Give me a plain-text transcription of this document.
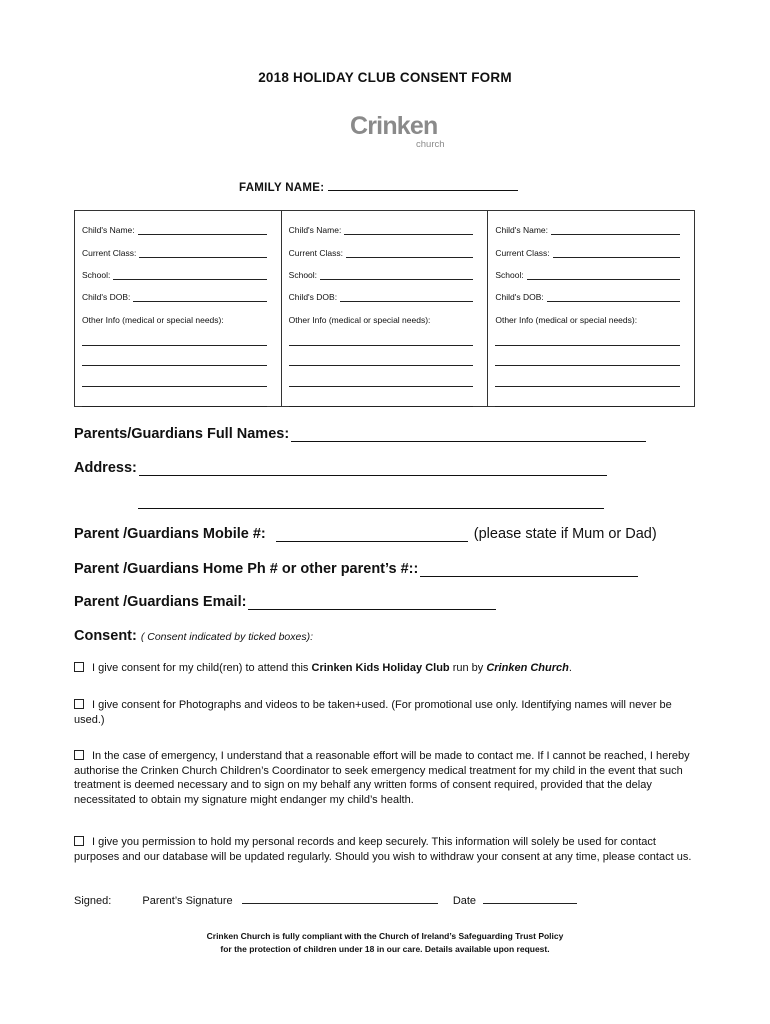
2018 HOLIDAY CLUB CONSENT FORM
Crinken
church
FAMILY NAME:
Child's Name:
Current Class:
School:
Child's DOB:
Other Info (medical or special needs):
Child's Name:
Current Class:
School:
Child's DOB:
Other Info (medical or special needs):
Child's Name:
Current Class:
School:
Child's DOB:
Other Info (medical or special needs):
Parents/Guardians Full Names:
Address:
Parent /Guardians Mobile #:	(please state if Mum or Dad)
Parent /Guardians Home Ph # or other parent’s #::
Parent /Guardians Email:
Consent: ( Consent indicated by ticked boxes):
I give consent for my child(ren) to attend this Crinken Kids Holiday Club run by Crinken Church.
I give consent for Photographs and videos to be taken+used. (For promotional use only. Identifying names will never be used.)
In the case of emergency, I understand that a reasonable effort will be made to contact me. If I cannot be reached, I hereby authorise the Crinken Church Children’s Coordinator to seek emergency medical treatment for my child in the event that such treatment is deemed necessary and to sign on my behalf any written forms of consent required, provided that the delay necessitated to obtain my signature might endanger my child’s health.
I give you permission to hold my personal records and keep securely. This information will solely be used for contact purposes and our database will be updated regularly. Should you wish to withdraw your consent at any time, please contact us.
Signed:	Parent’s Signature	Date
Crinken Church is fully compliant with the Church of Ireland’s Safeguarding Trust Policy
for the protection of children under 18 in our care. Details available upon request.
